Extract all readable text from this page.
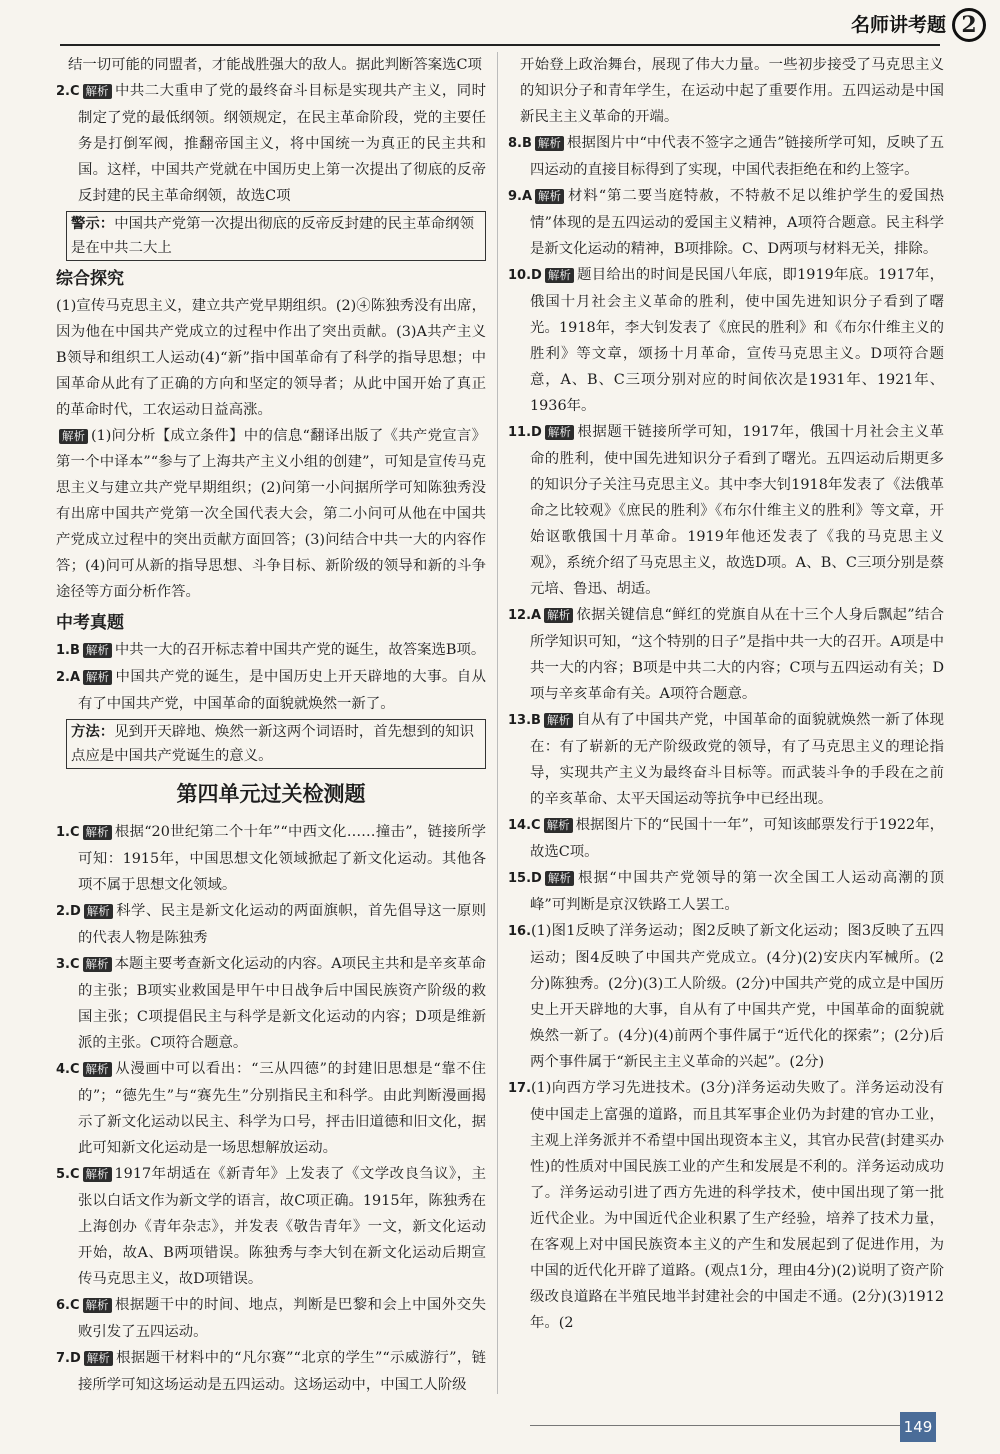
名师讲考题 2

结一切可能的同盟者，才能战胜强大的敌人。据此判断答案选C项

2.C 解析 中共二大重申了党的最终奋斗目标是实现共产主义，同时制定了党的最低纲领。纲领规定，在民主革命阶段，党的主要任务是打倒军阀，推翻帝国主义，将中国统一为真正的民主共和国。这样，中国共产党就在中国历史上第一次提出了彻底的反帝反封建的民主革命纲领，故选C项

警示：中国共产党第一次提出彻底的反帝反封建的民主革命纲领是在中共二大上
综合探究

(1)宣传马克思主义，建立共产党早期组织。(2)④陈独秀没有出席，因为他在中国共产党成立的过程中作出了突出贡献。(3)A共产主义 B领导和组织工人运动(4)“新”指中国革命有了科学的指导思想；中国革命从此有了正确的方向和坚定的领导者；从此中国开始了真正的革命时代，工农运动日益高涨。

解析 (1)问分析【成立条件】中的信息“翻译出版了《共产党宣言》第一个中译本”“参与了上海共产主义小组的创建”，可知是宣传马克思主义与建立共产党早期组织；(2)问第一小问据所学可知陈独秀没有出席中国共产党第一次全国代表大会，第二小问可从他在中国共产党成立过程中的突出贡献方面回答；(3)问结合中共一大的内容作答；(4)问可从新的指导思想、斗争目标、新阶级的领导和新的斗争途径等方面分析作答。

中考真题

1.B 解析 中共一大的召开标志着中国共产党的诞生，故答案选B项。

2.A 解析 中国共产党的诞生，是中国历史上开天辟地的大事。自从有了中国共产党，中国革命的面貌就焕然一新了。

方法：见到开天辟地、焕然一新这两个词语时，首先想到的知识点应是中国共产党诞生的意义。
第四单元过关检测题

1.C 解析 根据“20世纪第二个十年”“中西文化……撞击”，链接所学可知：1915年，中国思想文化领域掀起了新文化运动。其他各项不属于思想文化领域。

2.D 解析 科学、民主是新文化运动的两面旗帜，首先倡导这一原则的代表人物是陈独秀

3.C 解析 本题主要考查新文化运动的内容。A项民主共和是辛亥革命的主张；B项实业救国是甲午中日战争后中国民族资产阶级的救国主张；C项提倡民主与科学是新文化运动的内容；D项是维新派的主张。C项符合题意。

4.C 解析 从漫画中可以看出：“三从四德”的封建旧思想是“靠不住的”；“德先生”与“赛先生”分别指民主和科学。由此判断漫画揭示了新文化运动以民主、科学为口号，抨击旧道德和旧文化，据此可知新文化运动是一场思想解放运动。

5.C 解析 1917年胡适在《新青年》上发表了《文学改良刍议》，主张以白话文作为新文学的语言，故C项正确。1915年，陈独秀在上海创办《青年杂志》，并发表《敬告青年》一文，新文化运动开始，故A、B两项错误。陈独秀与李大钊在新文化运动后期宣传马克思主义，故D项错误。

6.C 解析 根据题干中的时间、地点，判断是巴黎和会上中国外交失败引发了五四运动。

7.D 解析 根据题干材料中的“凡尔赛”“北京的学生”“示威游行”，链接所学可知这场运动是五四运动。这场运动中，中国工人阶级

开始登上政治舞台，展现了伟大力量。一些初步接受了马克思主义的知识分子和青年学生，在运动中起了重要作用。五四运动是中国新民主主义革命的开端。

8.B 解析 根据图片中“中代表不签字之通告”链接所学可知，反映了五四运动的直接目标得到了实现，中国代表拒绝在和约上签字。

9.A 解析 材料“第二要当庭特赦，不特赦不足以维护学生的爱国热情”体现的是五四运动的爱国主义精神，A项符合题意。民主科学是新文化运动的精神，B项排除。C、D两项与材料无关，排除。

10.D 解析 题目给出的时间是民国八年底，即1919年底。1917年，俄国十月社会主义革命的胜利，使中国先进知识分子看到了曙光。1918年，李大钊发表了《庶民的胜利》和《布尔什维主义的胜利》等文章，颂扬十月革命，宣传马克思主义。D项符合题意，A、B、C三项分别对应的时间依次是1931年、1921年、1936年。

11.D 解析 根据题干链接所学可知，1917年，俄国十月社会主义革命的胜利，使中国先进知识分子看到了曙光。五四运动后期更多的知识分子关注马克思主义。其中李大钊1918年发表了《法俄革命之比较观》《庶民的胜利》《布尔什维主义的胜利》等文章，开始讴歌俄国十月革命。1919年他还发表了《我的马克思主义观》，系统介绍了马克思主义，故选D项。A、B、C三项分别是蔡元培、鲁迅、胡适。

12.A 解析 依据关键信息“鲜红的党旗自从在十三个人身后飘起”结合所学知识可知，“这个特别的日子”是指中共一大的召开。A项是中共一大的内容；B项是中共二大的内容；C项与五四运动有关；D项与辛亥革命有关。A项符合题意。

13.B 解析 自从有了中国共产党，中国革命的面貌就焕然一新了体现在：有了崭新的无产阶级政党的领导，有了马克思主义的理论指导，实现共产主义为最终奋斗目标等。而武装斗争的手段在之前的辛亥革命、太平天国运动等抗争中已经出现。

14.C 解析 根据图片下的“民国十一年”，可知该邮票发行于1922年，故选C项。

15.D 解析 根据“中国共产党领导的第一次全国工人运动高潮的顶峰”可判断是京汉铁路工人罢工。

16.(1)图1反映了洋务运动；图2反映了新文化运动；图3反映了五四运动；图4反映了中国共产党成立。(4分)(2)安庆内军械所。(2分)陈独秀。(2分)(3)工人阶级。(2分)中国共产党的成立是中国历史上开天辟地的大事，自从有了中国共产党，中国革命的面貌就焕然一新了。(4分)(4)前两个事件属于“近代化的探索”；(2分)后两个事件属于“新民主主义革命的兴起”。(2分)

17.(1)向西方学习先进技术。(3分)洋务运动失败了。洋务运动没有使中国走上富强的道路，而且其军事企业仍为封建的官办工业，主观上洋务派并不希望中国出现资本主义，其官办民营(封建买办性)的性质对中国民族工业的产生和发展是不利的。洋务运动成功了。洋务运动引进了西方先进的科学技术，使中国出现了第一批近代企业。为中国近代企业积累了生产经验，培养了技术力量，在客观上对中国民族资本主义的产生和发展起到了促进作用，为中国的近代化开辟了道路。(观点1分，理由4分)(2)说明了资产阶级改良道路在半殖民地半封建社会的中国走不通。(2分)(3)1912年。(2

149
